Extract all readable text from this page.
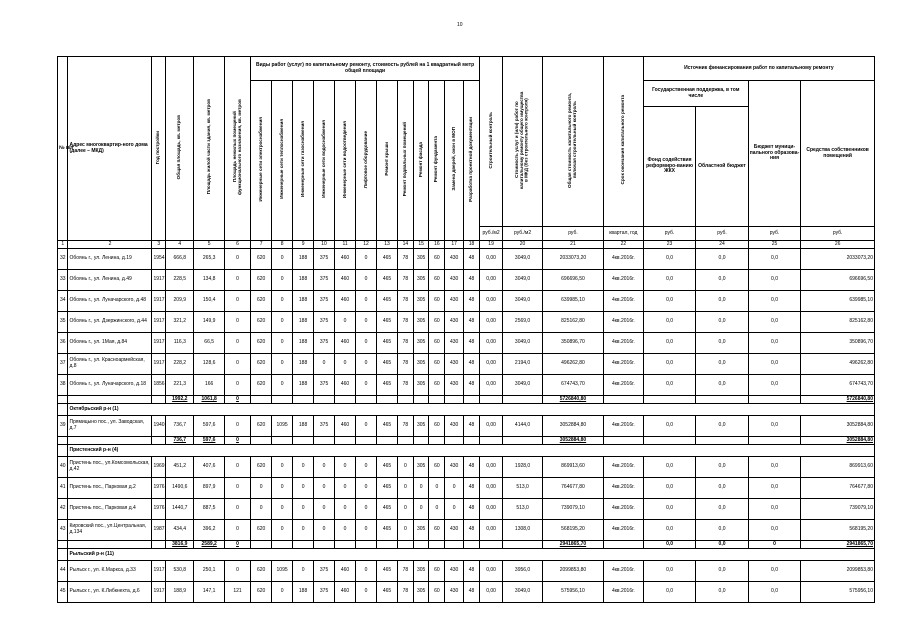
10
№ п/п	Адрес многоквартир-ного дома (далее – МКД)	Год постройки	Общая площадь, кв. метров	Площадь жилой части здания, кв. метров	Площадь нежилых помещений функционального назначения, кв. метров	Виды работ (услуг) по капитальному ремонту, стоимость рублей на 1 квадратный метр общей площади												Строительный контроль	Стоимость услуг и (или) работ по капитальному ремонту общего имущества в МКД (без строительного контроля)	Общая стоимость капитального ремонта, включая строительный контроль	Срок окончания капитального ремонта	Источник финансирования работ по капитальному ремонту			
						Инженерные сети электроснабжения	Инженерные сети теплоснабжения	Инженерные сети газоснабжения	Инженерные сети водоснабжения	Инженерные сети водоотведения	Лифтовое оборудование	Ремонт крыши	Ремонт подвальных помещений	Ремонт фасада	Ремонт фундамента	Замена дверей, окон в МОП	Разработка проектной документации					Государственная поддержка, в том числе		Бюджет муници-пального образова-ния	Средства собственников помещений
																						Фонд содействия реформиро-ванию ЖКХ	Областной бюджет		
																		руб./м2	руб./м2	руб.	квартал, год	руб.	руб.	руб.	руб.
1	2	3	4	5	6	7	8	9	10	11	12	13	14	15	16	17	18	19	20	21	22	23	24	25	26
32	Обоянь г., ул. Ленина, д.19	1954	666,8	265,3	0	620	0	188	375	460	0	465	78	305	60	430	48	0,00	3049,0	2033073,20	4кв.2016г.	0,0	0,0	0,0	2033073,20
33	Обоянь г., ул. Ленина, д.49	1917	228,5	134,8	0	620	0	188	375	460	0	465	78	305	60	430	48	0,00	3049,0	696696,50	4кв.2016г.	0,0	0,0	0,0	696696,50
34	Обоянь г., ул. Луначарского, д.48	1917	209,9	150,4	0	620	0	188	375	460	0	465	78	305	60	430	48	0,00	3049,0	639985,10	4кв.2016г.	0,0	0,0	0,0	639985,10
35	Обоянь г., ул. Дзержинского, д.44	1917	321,2	149,9	0	620	0	188	375	0	0	465	78	305	60	430	48	0,00	2569,0	825162,80	4кв.2016г.	0,0	0,0	0,0	825162,80
36	Обоянь г., ул. 1Мая, д.84	1917	116,3	66,5	0	620	0	188	375	460	0	465	78	305	60	430	48	0,00	3049,0	350896,70	4кв.2016г.	0,0	0,0	0,0	350896,70
37	Обоянь г., ул. Красноармейская, д.8	1917	228,2	128,6	0	620	0	188	0	0	0	465	78	305	60	430	48	0,00	2194,0	496262,80	4кв.2016г.	0,0	0,0	0,0	496262,80
38	Обоянь г., ул. Луначарского, д.18	1856	221,3	166	0	620	0	188	375	460	0	465	78	305	60	430	48	0,00	3049,0	674743,70	4кв.2016г.	0,0	0,0	0,0	674743,70
			1992,2	1061,8	0															5726840,80					5726840,80
	Октябрьский р-н (1)																								
39	Прямицыно пос., ул. Заводская, д.7	1940	736,7	597,6	0	620	1095	188	375	460	0	465	78	305	60	430	48	0,00	4144,0	3052884,80	4кв.2016г.	0,0	0,0	0,0	3052884,80
			736,7	597,6	0															3052884,80					3052884,80
	Пристенский р-н (4)																								
40	Пристень пос., ул.Комсомольская, д.42	1969	451,2	407,6	0	620	0	0	0	0	0	465	0	305	60	430	48	0,00	1928,0	869913,60	4кв.2016г.	0,0	0,0	0,0	869913,60
41	Пристень пос., Парковая д.2	1976	1490,6	897,9	0	0	0	0	0	0	0	465	0	0	0	0	48	0,00	513,0	764677,80	4кв.2016г.	0,0	0,0	0,0	764677,80
42	Пристень пос., Парковая д.4	1976	1440,7	887,5	0	0	0	0	0	0	0	465	0	0	0	0	48	0,00	513,0	739079,10	4кв.2016г.	0,0	0,0	0,0	739079,10
43	Кировский пос., ул.Центральная, д.134	1987	434,4	396,2	0	620	0	0	0	0	0	465	0	305	60	430	48	0,00	1308,0	568195,20	4кв.2016г.	0,0	0,0	0,0	568195,20
			3816,9	2589,2	0															2941865,70		0,0	0,0	0	2941865,70
	Рыльский р-н (11)																								
44	Рыльск г., ул. К.Маркса, д.33	1917	530,8	250,1	0	620	1095	0	375	460	0	465	78	305	60	430	48	0,00	3956,0	2099853,80	4кв.2016г.	0,0	0,0	0,0	2099853,80
45	Рыльск г., ул. К.Либкнехта, д.6	1917	188,9	147,1	121	620	0	188	375	460	0	465	78	305	60	430	48	0,00	3049,0	575956,10	4кв.2016г.	0,0	0,0	0,0	575956,10
